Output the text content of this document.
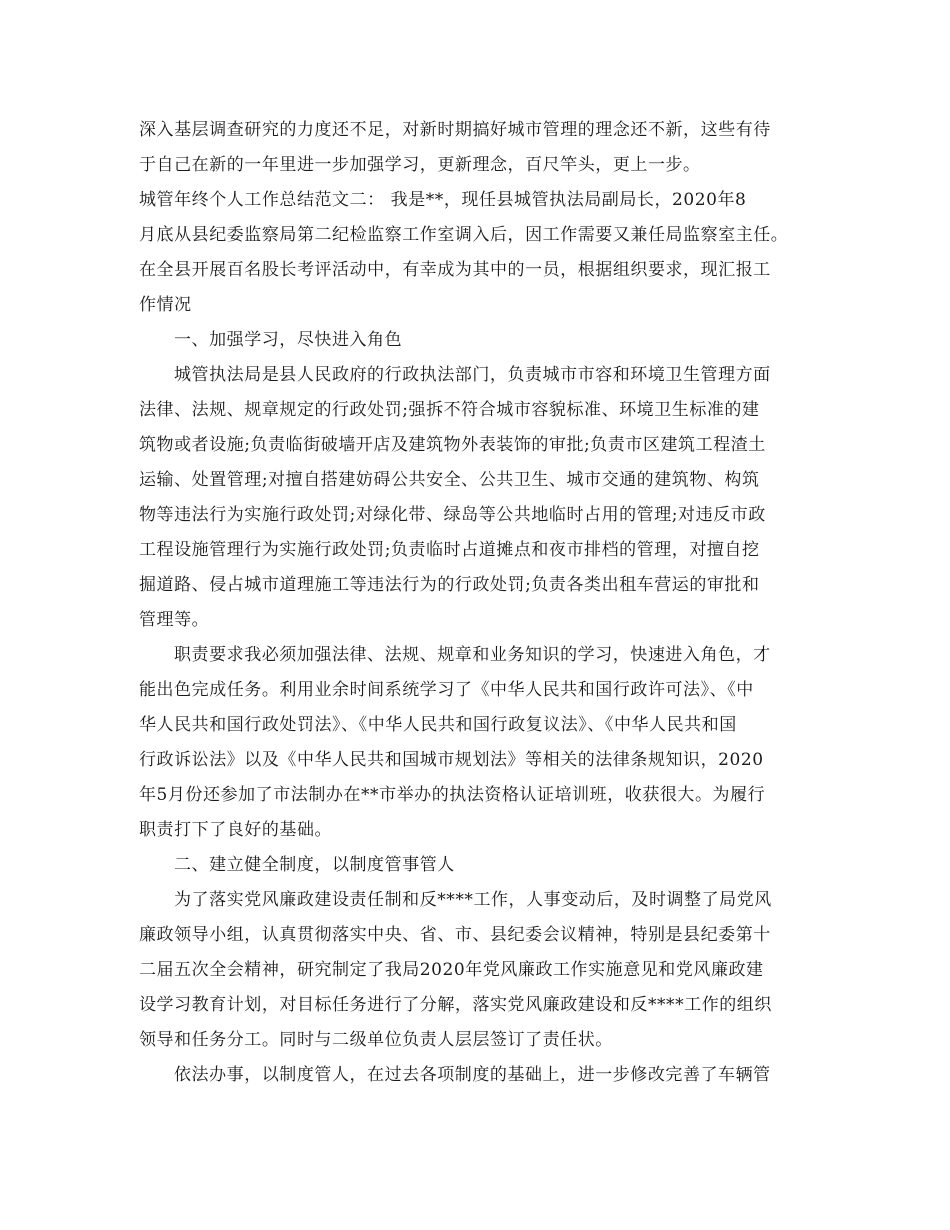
深入基层调查研究的力度还不足，对新时期搞好城市管理的理念还不新，这些有待
于自己在新的一年里进一步加强学习，更新理念，百尺竿头，更上一步。
城管年终个人工作总结范文二： 我是**，现任县城管执法局副局长，2020年8
月底从县纪委监察局第二纪检监察工作室调入后，因工作需要又兼任局监察室主任。
在全县开展百名股长考评活动中，有幸成为其中的一员，根据组织要求，现汇报工
作情况
一、加强学习，尽快进入角色
城管执法局是县人民政府的行政执法部门，负责城市市容和环境卫生管理方面
法律、法规、规章规定的行政处罚;强拆不符合城市容貌标准、环境卫生标准的建
筑物或者设施;负责临街破墙开店及建筑物外表装饰的审批;负责市区建筑工程渣土
运输、处置管理;对擅自搭建妨碍公共安全、公共卫生、城市交通的建筑物、构筑
物等违法行为实施行政处罚;对绿化带、绿岛等公共地临时占用的管理;对违反市政
工程设施管理行为实施行政处罚;负责临时占道摊点和夜市排档的管理，对擅自挖
掘道路、侵占城市道理施工等违法行为的行政处罚;负责各类出租车营运的审批和
管理等。
职责要求我必须加强法律、法规、规章和业务知识的学习，快速进入角色，才
能出色完成任务。利用业余时间系统学习了《中华人民共和国行政许可法》、《中
华人民共和国行政处罚法》、《中华人民共和国行政复议法》、《中华人民共和国
行政诉讼法》以及《中华人民共和国城市规划法》等相关的法律条规知识，2020
年5月份还参加了市法制办在**市举办的执法资格认证培训班，收获很大。为履行
职责打下了良好的基础。
二、建立健全制度，以制度管事管人
为了落实党风廉政建设责任制和反****工作，人事变动后，及时调整了局党风
廉政领导小组，认真贯彻落实中央、省、市、县纪委会议精神，特别是县纪委第十
二届五次全会精神，研究制定了我局2020年党风廉政工作实施意见和党风廉政建
设学习教育计划，对目标任务进行了分解，落实党风廉政建设和反****工作的组织
领导和任务分工。同时与二级单位负责人层层签订了责任状。
依法办事，以制度管人，在过去各项制度的基础上，进一步修改完善了车辆管
